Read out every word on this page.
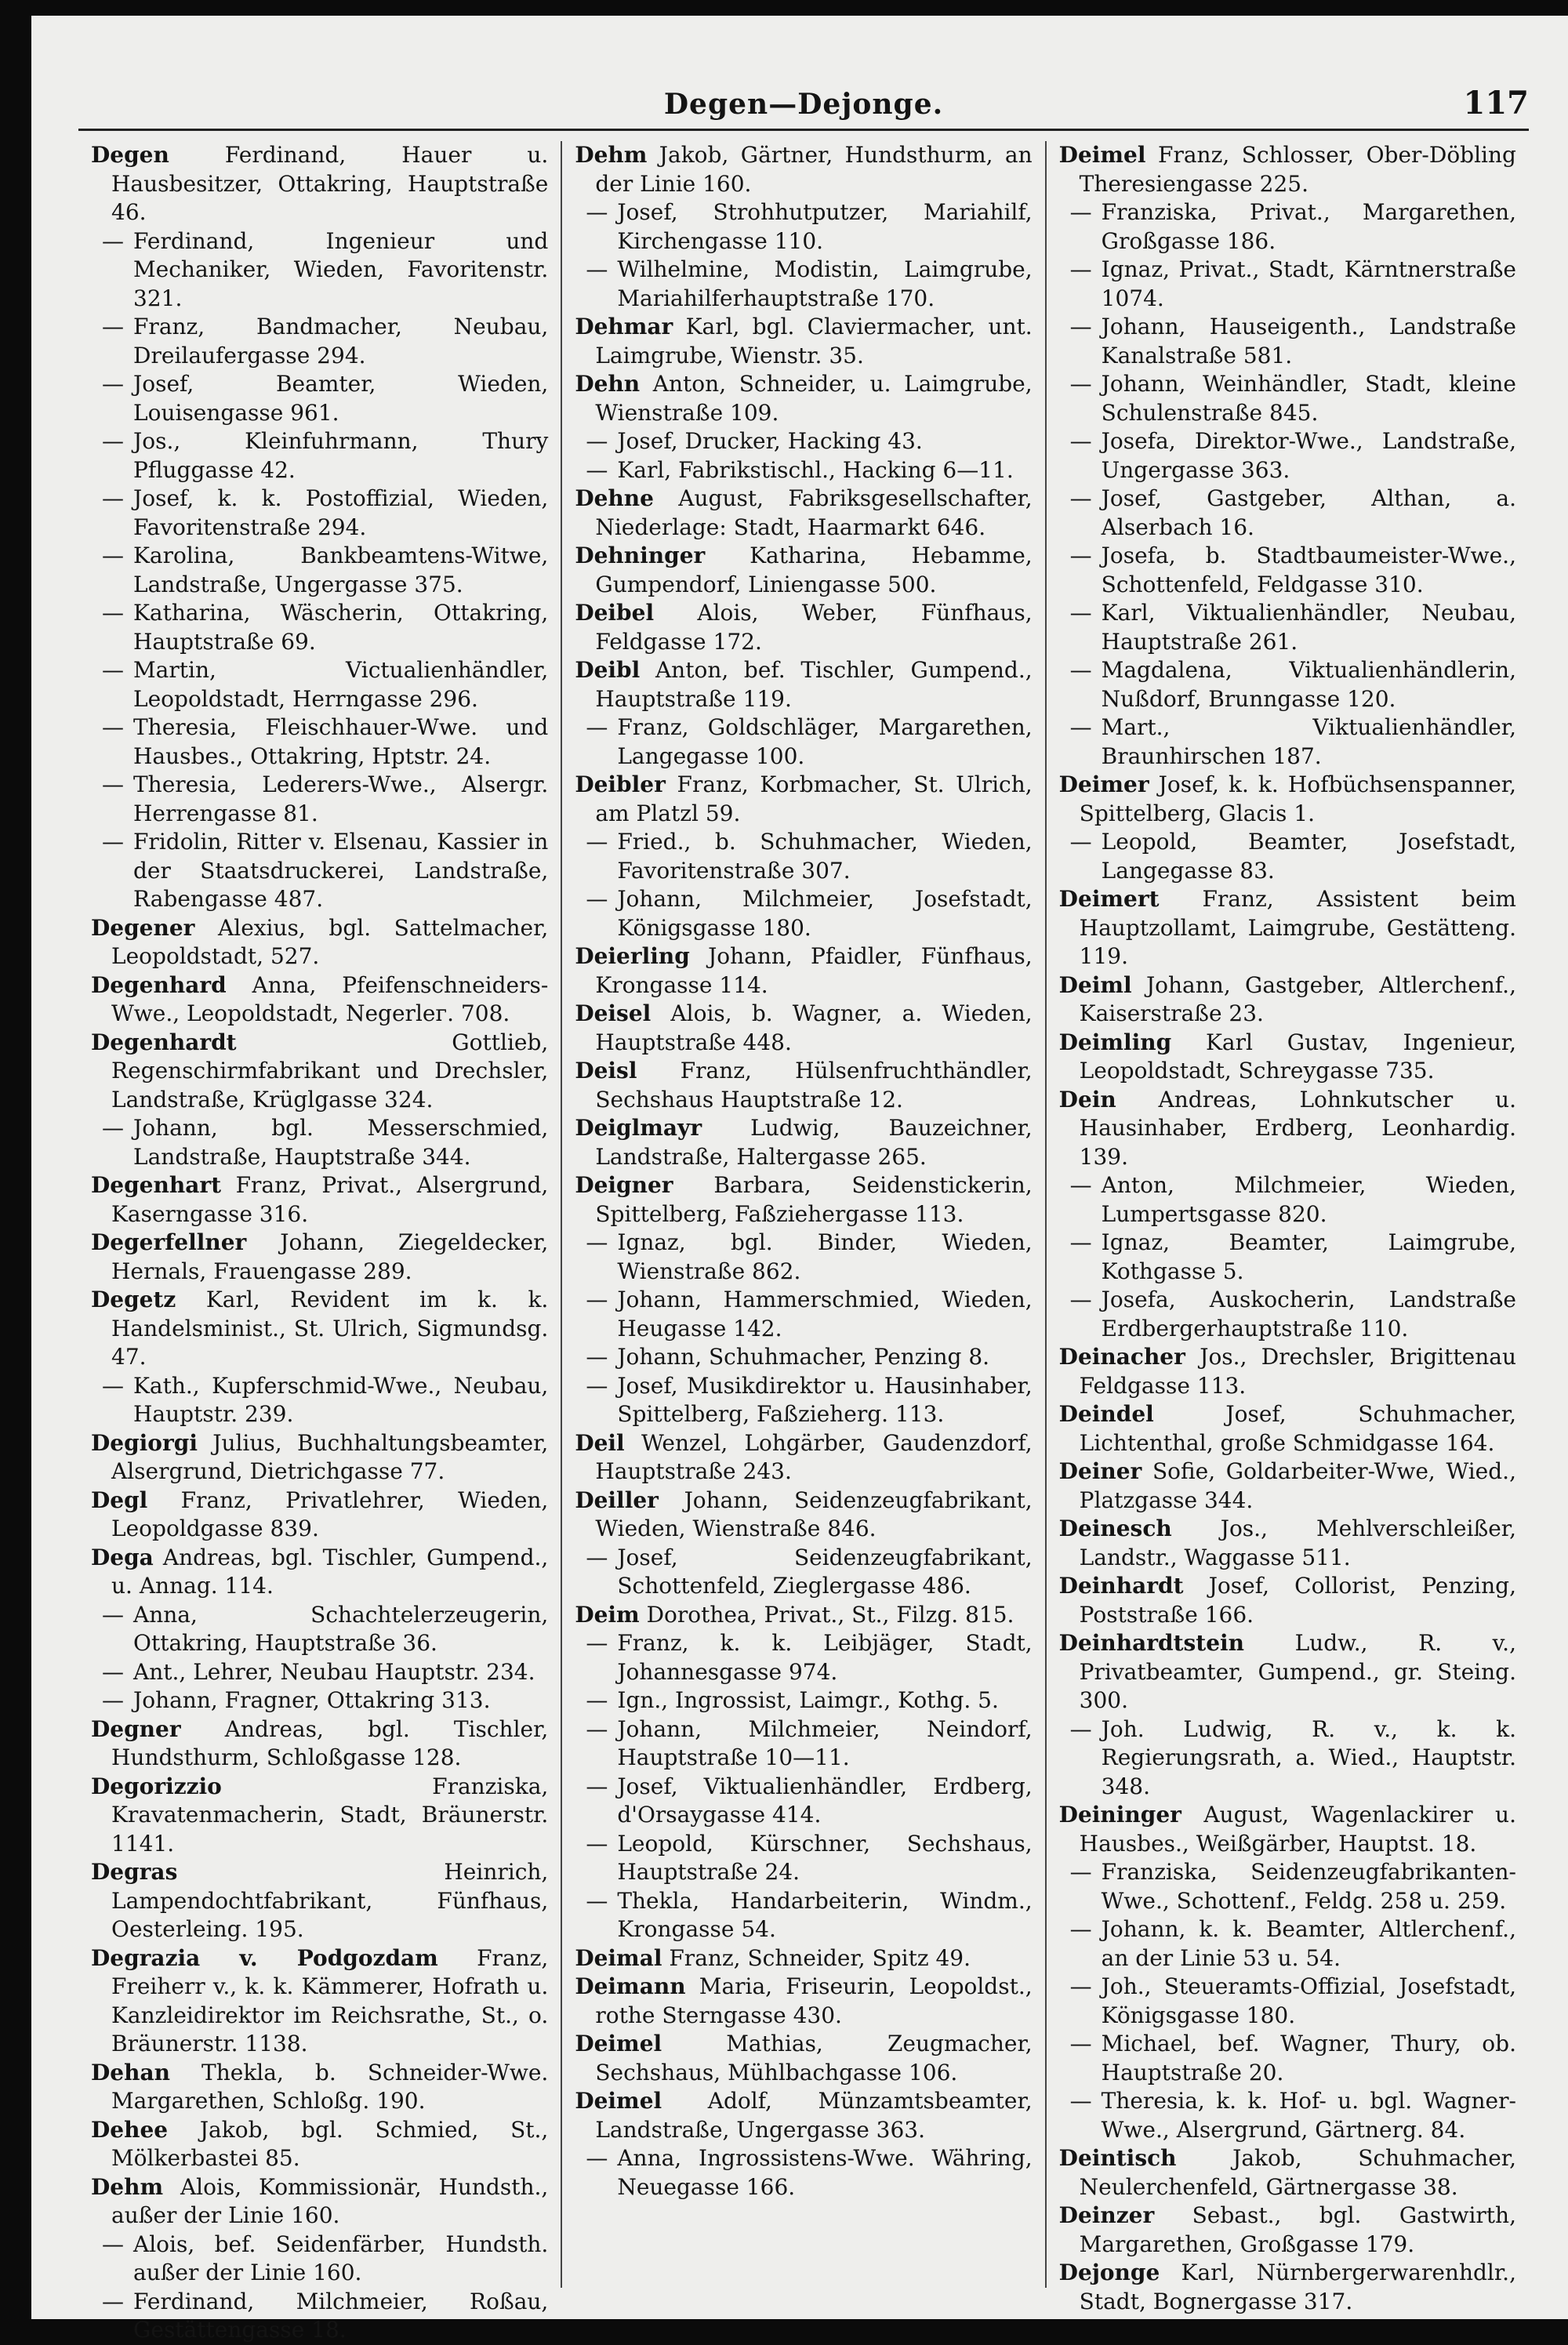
Degen—Dejonge.	117

Degen	Ferdinand, Hauer u. Hausbesitzer, Ottakring, Hauptstraße 46.

— Ferdinand, Ingenieur und Mechaniker, Wieden, Favoritenstr. 321.

— Franz, Bandmacher, Neubau, Dreilaufergasse 294.

— Josef, Beamter, Wieden, Louisengasse 961.

— Jos., Kleinfuhrmann, Thury Pfluggasse 42.

— Josef, k. k. Postoffizial, Wieden, Favoritenstraße 294.

— Karolina, Bankbeamtens-Witwe, Landstraße, Ungergasse 375.

— Katharina, Wäscherin, Ottakring, Hauptstraße 69.

— Martin, Victualienhändler, Leopoldstadt, Herrngasse 296.

— Theresia, Fleischhauer-Wwe. und Hausbes., Ottakring, Hptstr. 24.

— Theresia, Lederers-Wwe., Alsergr. Herrengasse 81.

— Fridolin, Ritter v. Elsenau, Kassier in der Staatsdruckerei, Landstraße, Rabengasse 487.

Degener Alexius, bgl. Sattelmacher, Leopoldstadt, 527.

Degenhard Anna, Pfeifenschneiders-Wwe., Leopoldstadt, Negerlег. 708.

Degenhardt	Gottlieb, Regenschirmfabrikant und Drechsler, Landstraße, Krüglgasse 324.

— Johann, bgl. Messerschmied, Landstraße, Hauptstraße 344.

Degenhart Franz, Privat., Alsergrund, Kaserngasse 316.

Degerfellner Johann, Ziegeldecker, Hernals, Frauengasse 289.

Degetz Karl, Revident im k. k. Handelsminist., St. Ulrich, Sigmundsg. 47.

— Kath., Kupferschmid-Wwe., Neubau, Hauptstr. 239.

Degiorgi Julius, Buchhaltungsbeamter, Alsergrund, Dietrichgasse 77.

Degl Franz, Privatlehrer, Wieden, Leopoldgasse 839.

Dega Andreas, bgl. Tischler, Gumpend., u. Annag. 114.

— Anna, Schachtelerzeugerin, Ottakring, Hauptstraße 36.

— Ant., Lehrer, Neubau Hauptstr. 234.

— Johann, Fragner, Ottakring 313.

Degner Andreas, bgl. Tischler, Hundsthurm, Schloßgasse 128.

Degorizzio	Franziska, Kravatenmacherin, Stadt, Bräunerstr. 1141.

Degras	Heinrich, Lampendochtfabrikant, Fünfhaus, Oesterleing. 195.

Degrazia v. Podgozdam Franz, Freiherr v., k. k. Kämmerer, Hofrath u. Kanzleidirektor im Reichsrathe, St., o. Bräunerstr. 1138.

Dehan Thekla, b. Schneider-Wwe. Margarethen, Schloßg. 190.

Dehee Jakob, bgl. Schmied, St., Mölkerbastei 85.

Dehm Alois, Kommissionär, Hundsth., außer der Linie 160.

— Alois, bef. Seidenfärber, Hundsth. außer der Linie 160.

— Ferdinand, Milchmeier, Roßau, Gestättengasse 18.

Dehm Jakob, Gärtner, Hundsthurm, an der Linie 160.

— Josef, Strohhutputzer, Mariahilf, Kirchengasse 110.

— Wilhelmine, Modistin, Laimgrube, Mariahilferhauptstraße 170.

Dehmar Karl, bgl. Claviermacher, unt. Laimgrube, Wienstr. 35.

Dehn Anton, Schneider, u. Laimgrube, Wienstraße 109.

— Josef, Drucker, Hacking 43.

— Karl, Fabrikstischl., Hacking 6—11.

Dehne August, Fabriksgesellschafter, Niederlage: Stadt, Haarmarkt 646.

Dehninger Katharina, Hebamme, Gumpendorf, Liniengasse 500.

Deibel Alois, Weber, Fünfhaus, Feldgasse 172.

Deibl Anton, bef. Tischler, Gumpend., Hauptstraße 119.

— Franz, Goldschläger, Margarethen, Langegasse 100.

Deibler Franz, Korbmacher, St. Ulrich, am Platzl 59.

— Fried., b. Schuhmacher, Wieden, Favoritenstraße 307.

— Johann, Milchmeier, Josefstadt, Königsgasse 180.

Deierling Johann, Pfaidler, Fünfhaus, Krongasse 114.

Deisel Alois, b. Wagner, a. Wieden, Hauptstraße 448.

Deisl Franz, Hülsenfruchthändler, Sechshaus Hauptstraße 12.

Deiglmayr Ludwig, Bauzeichner, Landstraße, Haltergasse 265.

Deigner Barbara, Seidenstickerin, Spittelberg, Faßziehergasse 113.

— Ignaz, bgl. Binder, Wieden, Wienstraße 862.

— Johann, Hammerschmied, Wieden, Heugasse 142.

— Johann, Schuhmacher, Penzing 8.

— Josef, Musikdirektor u. Hausinhaber, Spittelberg, Faßzieherg. 113.

Deil Wenzel, Lohgärber, Gaudenzdorf, Hauptstraße 243.

Deiller Johann, Seidenzeugfabrikant, Wieden, Wienstraße 846.

— Josef, Seidenzeugfabrikant, Schottenfeld, Zieglergasse 486.

Deim Dorothea, Privat., St., Filzg. 815.

— Franz, k. k. Leibjäger, Stadt, Johannesgasse 974.

— Ign., Ingrossist, Laimgr., Kothg. 5.

— Johann, Milchmeier, Neindorf, Hauptstraße 10—11.

— Josef, Viktualienhändler, Erdberg, d'Orsaygasse 414.

— Leopold, Kürschner, Sechshaus, Hauptstraße 24.

— Thekla, Handarbeiterin, Windm., Krongasse 54.

Deimal Franz, Schneider, Spitz 49.

Deimann Maria, Friseurin, Leopoldst., rothe Sterngasse 430.

Deimel	Mathias, Zeugmacher, Sechshaus, Mühlbachgasse 106.

Deimel Adolf, Münzamtsbeamter, Landstraße, Ungergasse 363.

— Anna, Ingrossistens-Wwe. Währing, Neuegasse 166.

Deimel Franz, Schlosser, Ober-Döbling Theresiengasse 225.

— Franziska, Privat., Margarethen, Großgasse 186.

— Ignaz, Privat., Stadt, Kärntnerstraße 1074.

— Johann, Hauseigenth., Landstraße Kanalstraße 581.

— Johann, Weinhändler, Stadt, kleine Schulenstraße 845.

— Josefa, Direktor-Wwe., Landstraße, Ungergasse 363.

— Josef, Gastgeber, Althan, a. Alserbach 16.

— Josefa, b. Stadtbaumeister-Wwe., Schottenfeld, Feldgasse 310.

— Karl, Viktualienhändler, Neubau, Hauptstraße 261.

— Magdalena, Viktualienhändlerin, Nußdorf, Brunngasse 120.

— Mart., Viktualienhändler, Braunhirschen 187.

Deimer Josef, k. k. Hofbüchsenspanner, Spittelberg, Glacis 1.

— Leopold, Beamter, Josefstadt, Langegasse 83.

Deimert Franz, Assistent beim Hauptzollamt, Laimgrube, Gestätteng. 119.

Deiml Johann, Gastgeber, Altlerchenf., Kaiserstraße 23.

Deimling Karl Gustav, Ingenieur, Leopoldstadt, Schreygasse 735.

Dein Andreas, Lohnkutscher u. Hausinhaber, Erdberg, Leonhardig. 139.

— Anton, Milchmeier, Wieden, Lumpertsgasse 820.

— Ignaz, Beamter, Laimgrube, Kothgasse 5.

— Josefa, Auskocherin, Landstraße Erdbergerhauptstraße 110.

Deinacher Jos., Drechsler, Brigittenau Feldgasse 113.

Deindel	Josef, Schuhmacher, Lichtenthal, große Schmidgasse 164.

Deiner Sofie, Goldarbeiter-Wwe, Wied., Platzgasse 344.

Deinesch Jos., Mehlverschleißer, Landstr., Waggasse 511.

Deinhardt Josef, Collorist, Penzing, Poststraße 166.

Deinhardtstein Ludw., R. v., Privatbeamter, Gumpend., gr. Steing. 300.

— Joh. Ludwig, R. v., k. k. Regierungsrath, a. Wied., Hauptstr. 348.

Deininger August, Wagenlackirer u. Hausbes., Weißgärber, Hauptst. 18.

— Franziska, Seidenzeugfabrikanten-Wwe., Schottenf., Feldg. 258 u. 259.

— Johann, k. k. Beamter, Altlerchenf., an der Linie 53 u. 54.

— Joh., Steueramts-Offizial, Josefstadt, Königsgasse 180.

— Michael, bef. Wagner, Thury, ob. Hauptstraße 20.

— Theresia, k. k. Hof- u. bgl. Wagner-Wwe., Alsergrund, Gärtnerg. 84.

Deintisch	Jakob, Schuhmacher, Neulerchenfeld, Gärtnergasse 38.

Deinzer Sebast., bgl. Gastwirth, Margarethen, Großgasse 179.

Dejonge Karl, Nürnbergerwarenhdlr., Stadt, Bognergasse 317.
